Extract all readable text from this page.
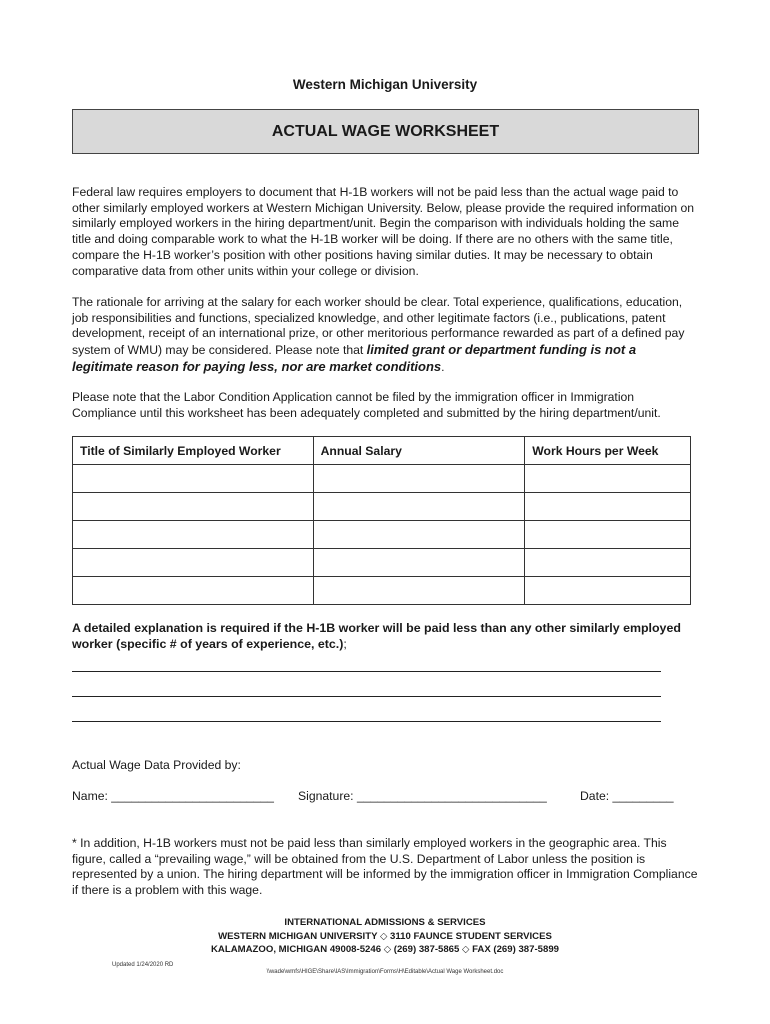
Western Michigan University
ACTUAL WAGE WORKSHEET
Federal law requires employers to document that H-1B workers will not be paid less than the actual wage paid to other similarly employed workers at Western Michigan University. Below, please provide the required information on similarly employed workers in the hiring department/unit. Begin the comparison with individuals holding the same title and doing comparable work to what the H-1B worker will be doing. If there are no others with the same title, compare the H-1B worker’s position with other positions having similar duties. It may be necessary to obtain comparative data from other units within your college or division.
The rationale for arriving at the salary for each worker should be clear. Total experience, qualifications, education, job responsibilities and functions, specialized knowledge, and other legitimate factors (i.e., publications, patent development, receipt of an international prize, or other meritorious performance rewarded as part of a defined pay system of WMU) may be considered. Please note that limited grant or department funding is not a legitimate reason for paying less, nor are market conditions.
Please note that the Labor Condition Application cannot be filed by the immigration officer in Immigration Compliance until this worksheet has been adequately completed and submitted by the hiring department/unit.
Title of Similarly Employed Worker	Annual Salary	Work Hours per Week

A detailed explanation is required if the H-1B worker will be paid less than any other similarly employed worker (specific # of years of experience, etc.);
Actual Wage Data Provided by:
Name: ________________________ Signature: ____________________________	Date: _________
* In addition, H-1B workers must not be paid less than similarly employed workers in the geographic area. This figure, called a “prevailing wage,” will be obtained from the U.S. Department of Labor unless the position is represented by a union. The hiring department will be informed by the immigration officer in Immigration Compliance if there is a problem with this wage.
INTERNATIONAL ADMISSIONS & SERVICES
WESTERN MICHIGAN UNIVERSITY ◇ 3110 FAUNCE STUDENT SERVICES
KALAMAZOO, MICHIGAN 49008-5246 ◇ (269) 387-5865 ◇ FAX (269) 387-5899
Updated 1/24/2020 RD
\\wade\wmfs\HIGE\Share\IAS\Immigration\Forms\H\Editable\Actual Wage Worksheet.doc
